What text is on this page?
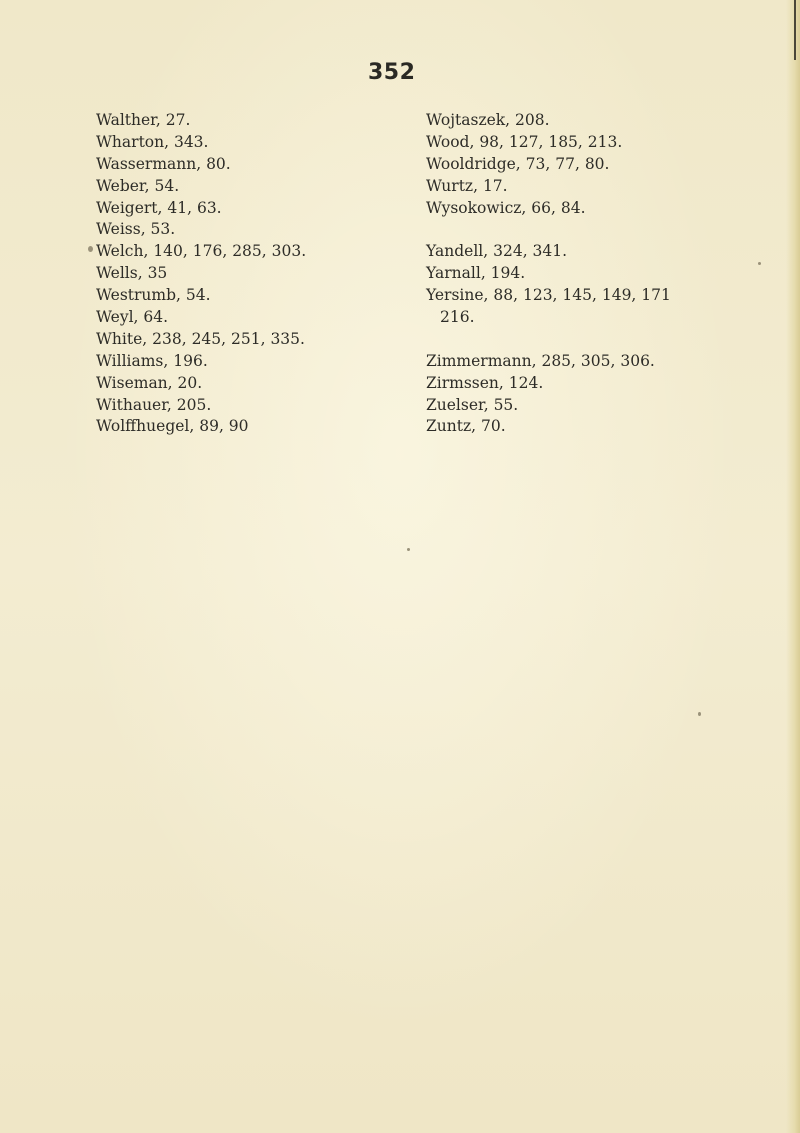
352
Walther, 27.
Wharton, 343.
Wassermann, 80.
Weber, 54.
Weigert, 41, 63.
Weiss, 53.
Welch, 140, 176, 285, 303.
Wells, 35
Westrumb, 54.
Weyl, 64.
White, 238, 245, 251, 335.
Williams, 196.
Wiseman, 20.
Withauer, 205.
Wolffhuegel, 89, 90
Wojtaszek, 208.
Wood, 98, 127, 185, 213.
Wooldridge, 73, 77, 80.
Wurtz, 17.
Wysokowicz, 66, 84.
Yandell, 324, 341.
Yarnall, 194.
Yersine, 88, 123, 145, 149, 171
216.
Zimmermann, 285, 305, 306.
Zirmssen, 124.
Zuelser, 55.
Zuntz, 70.
